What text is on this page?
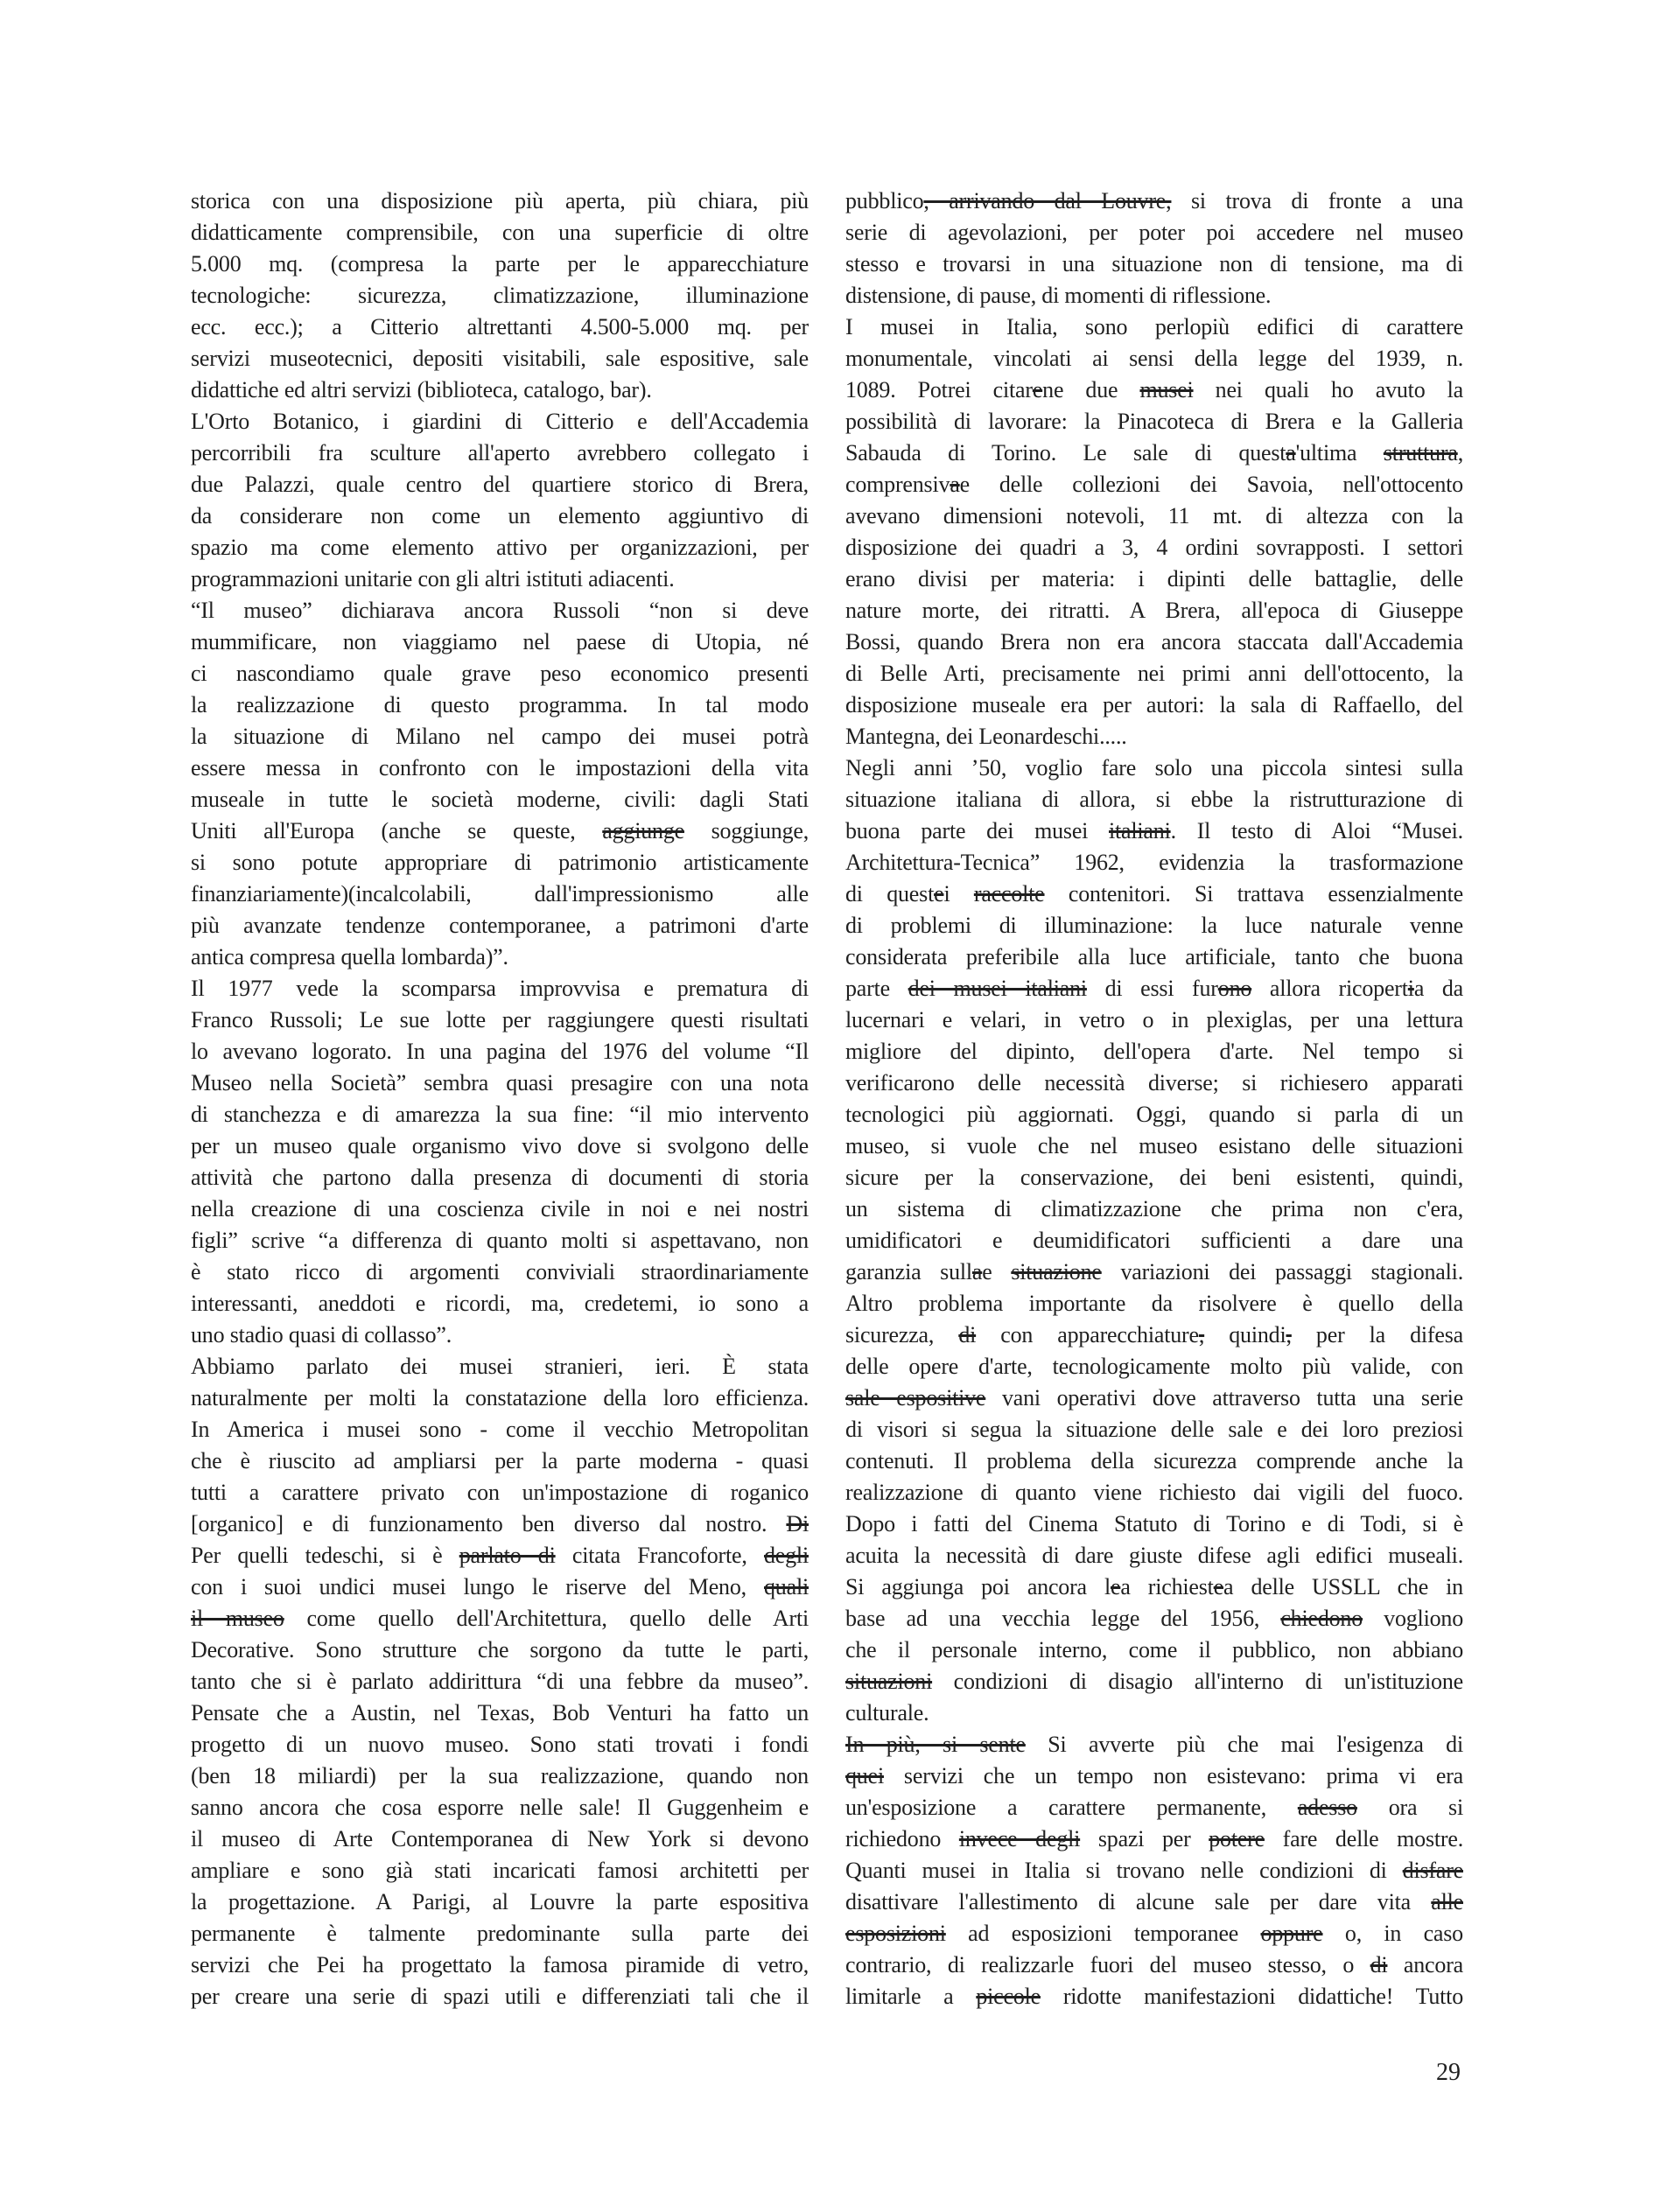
storica con una disposizione più aperta, più chiara, più
didatticamente comprensibile, con una superficie di oltre
5.000 mq. (compresa la parte per le apparecchiature
tecnologiche: sicurezza, climatizzazione, illuminazione
ecc. ecc.); a Citterio altrettanti 4.500-5.000 mq. per
servizi museotecnici, depositi visitabili, sale espositive, sale
didattiche ed altri servizi (biblioteca, catalogo, bar).
L'Orto Botanico, i giardini di Citterio e dell'Accademia
percorribili fra sculture all'aperto avrebbero collegato i
due Palazzi, quale centro del quartiere storico di Brera,
da considerare non come un elemento aggiuntivo di
spazio ma come elemento attivo per organizzazioni, per
programmazioni unitarie con gli altri istituti adiacenti.
“Il museo” dichiarava ancora Russoli “non si deve
mummificare, non viaggiamo nel paese di Utopia, né
ci nascondiamo quale grave peso economico presenti
la realizzazione di questo programma. In tal modo
la situazione di Milano nel campo dei musei potrà
essere messa in confronto con le impostazioni della vita
museale in tutte le società moderne, civili: dagli Stati
Uniti all'Europa (anche se queste, aggiunge soggiunge,
si sono potute appropriare di patrimonio artisticamente
finanziariamente)(incalcolabili, dall'impressionismo alle
più avanzate tendenze contemporanee, a patrimoni d'arte
antica compresa quella lombarda)”.
Il 1977 vede la scomparsa improvvisa e prematura di
Franco Russoli; Le sue lotte per raggiungere questi risultati
lo avevano logorato. In una pagina del 1976 del volume “Il
Museo nella Società” sembra quasi presagire con una nota
di stanchezza e di amarezza la sua fine: “il mio intervento
per un museo quale organismo vivo dove si svolgono delle
attività che partono dalla presenza di documenti di storia
nella creazione di una coscienza civile in noi e nei nostri
figli” scrive “a differenza di quanto molti si aspettavano, non
è stato ricco di argomenti conviviali straordinariamente
interessanti, aneddoti e ricordi, ma, credetemi, io sono a
uno stadio quasi di collasso”.
Abbiamo parlato dei musei stranieri, ieri. È stata
naturalmente per molti la constatazione della loro efficienza.
In America i musei sono - come il vecchio Metropolitan
che è riuscito ad ampliarsi per la parte moderna - quasi
tutti a carattere privato con un'impostazione di roganico
[organico] e di funzionamento ben diverso dal nostro. Di
Per quelli tedeschi, si è parlato di citata Francoforte, degli
con i suoi undici musei lungo le riserve del Meno, quali
il museo come quello dell'Architettura, quello delle Arti
Decorative. Sono strutture che sorgono da tutte le parti,
tanto che si è parlato addirittura “di una febbre da museo”.
Pensate che a Austin, nel Texas, Bob Venturi ha fatto un
progetto di un nuovo museo. Sono stati trovati i fondi
(ben 18 miliardi) per la sua realizzazione, quando non
sanno ancora che cosa esporre nelle sale! Il Guggenheim e
il museo di Arte Contemporanea di New York si devono
ampliare e sono già stati incaricati famosi architetti per
la progettazione. A Parigi, al Louvre la parte espositiva
permanente è talmente predominante sulla parte dei
servizi che Pei ha progettato la famosa piramide di vetro,
per creare una serie di spazi utili e differenziati tali che il
pubblico, arrivando dal Louvre, si trova di fronte a una
serie di agevolazioni, per poter poi accedere nel museo
stesso e trovarsi in una situazione non di tensione, ma di
distensione, di pause, di momenti di riflessione.
I musei in Italia, sono perlopiù edifici di carattere
monumentale, vincolati ai sensi della legge del 1939, n.
1089. Potrei citarene due musei nei quali ho avuto la
possibilità di lavorare: la Pinacoteca di Brera e la Galleria
Sabauda di Torino. Le sale di questa'ultima struttura,
comprensivae delle collezioni dei Savoia, nell'ottocento
avevano dimensioni notevoli, 11 mt. di altezza con la
disposizione dei quadri a 3, 4 ordini sovrapposti. I settori
erano divisi per materia: i dipinti delle battaglie, delle
nature morte, dei ritratti. A Brera, all'epoca di Giuseppe
Bossi, quando Brera non era ancora staccata dall'Accademia
di Belle Arti, precisamente nei primi anni dell'ottocento, la
disposizione museale era per autori: la sala di Raffaello, del
Mantegna, dei Leonardeschi.....
Negli anni ’50, voglio fare solo una piccola sintesi sulla
situazione italiana di allora, si ebbe la ristrutturazione di
buona parte dei musei italiani. Il testo di Aloi “Musei.
Architettura-Tecnica” 1962, evidenzia la trasformazione
di questei raccolte contenitori. Si trattava essenzialmente
di problemi di illuminazione: la luce naturale venne
considerata preferibile alla luce artificiale, tanto che buona
parte dei musei italiani di essi furono allora ricopertia da
lucernari e velari, in vetro o in plexiglas, per una lettura
migliore del dipinto, dell'opera d'arte. Nel tempo si
verificarono delle necessità diverse; si richiesero apparati
tecnologici più aggiornati. Oggi, quando si parla di un
museo, si vuole che nel museo esistano delle situazioni
sicure per la conservazione, dei beni esistenti, quindi,
un sistema di climatizzazione che prima non c'era,
umidificatori e deumidificatori sufficienti a dare una
garanzia sullae situazione variazioni dei passaggi stagionali.
Altro problema importante da risolvere è quello della
sicurezza, di con apparecchiature, quindi, per la difesa
delle opere d'arte, tecnologicamente molto più valide, con
sale espositive vani operativi dove attraverso tutta una serie
di visori si segua la situazione delle sale e dei loro preziosi
contenuti. Il problema della sicurezza comprende anche la
realizzazione di quanto viene richiesto dai vigili del fuoco.
Dopo i fatti del Cinema Statuto di Torino e di Todi, si è
acuita la necessità di dare giuste difese agli edifici museali.
Si aggiunga poi ancora lea richiestea delle USSLL che in
base ad una vecchia legge del 1956, chiedono vogliono
che il personale interno, come il pubblico, non abbiano
situazioni condizioni di disagio all'interno di un'istituzione
culturale.
In più, si sente Si avverte più che mai l'esigenza di
quei servizi che un tempo non esistevano: prima vi era
un'esposizione a carattere permanente, adesso ora si
richiedono invece degli spazi per potere fare delle mostre.
Quanti musei in Italia si trovano nelle condizioni di disfare
disattivare l'allestimento di alcune sale per dare vita alle
esposizioni ad esposizioni temporanee oppure o, in caso
contrario, di realizzarle fuori del museo stesso, o di ancora
limitarle a piccole ridotte manifestazioni didattiche! Tutto
29
